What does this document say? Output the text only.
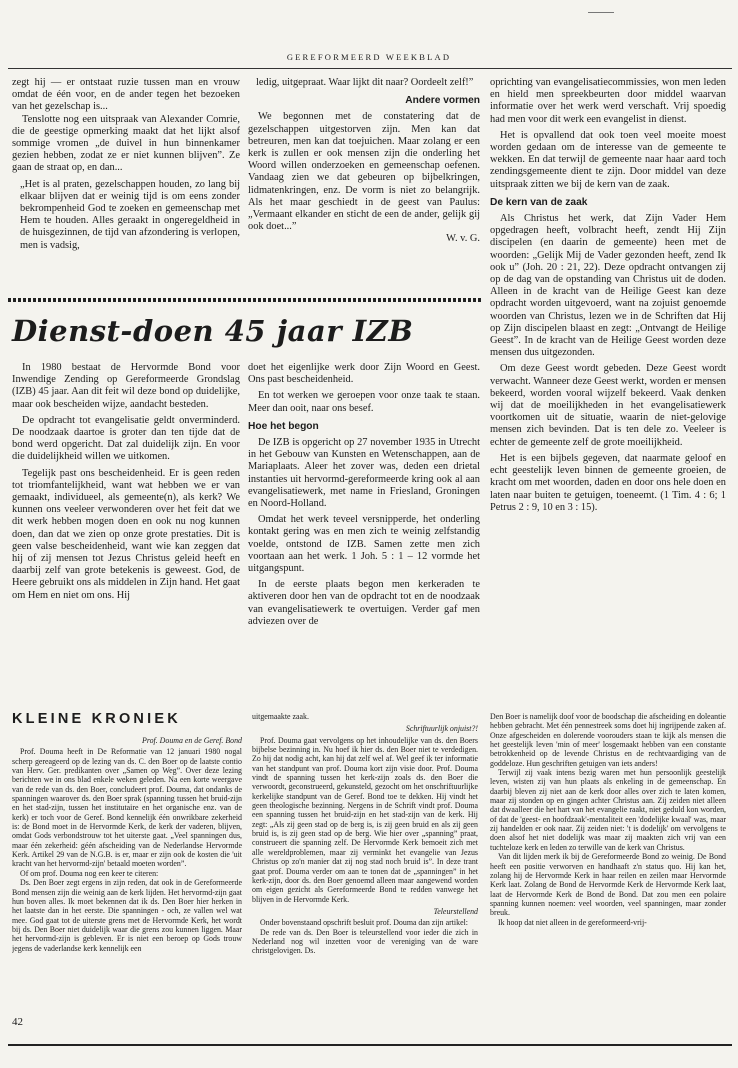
GEREFORMEERD WEEKBLAD

zegt hij — er ontstaat ruzie tussen man en vrouw omdat de één voor, en de ander tegen het bezoeken van het gezelschap is...

Tenslotte nog een uitspraak van Alexander Comrie, die de geestige opmerking maakt dat het lijkt alsof sommige vromen „de duivel in hun binnenkamer gezien hebben, zodat ze er niet kunnen blijven”. Ze gaan de straat op, en dan...

„Het is al praten, gezelschappen houden, zo lang bij elkaar blijven dat er weinig tijd is om eens zonder bekrompenheid God te zoeken en gemeenschap met Hem te houden. Alles geraakt in ongeregeldheid in de huisgezinnen, de tijd van afzondering is verlopen, men is vadsig,

ledig, uitgepraat. Waar lijkt dit naar? Oordeelt zelf!”

Andere vormen

We begonnen met de constatering dat de gezelschappen uitgestorven zijn. Men kan dat betreuren, men kan dat toejuichen. Maar zolang er een kerk is zullen er ook mensen zijn die onderling het Woord willen onderzoeken en gemeenschap oefenen. Vandaag zien we dat gebeuren op bijbelkringen, lidmatenkringen, enz. De vorm is niet zo belangrijk. Als het maar geschiedt in de geest van Paulus: „Vermaant elkander en sticht de een de ander, gelijk gij ook doet...”

W. v. G.

oprichting van evangelisatiecommissies, won men leden en hield men spreekbeurten door middel waarvan informatie over het werk werd verschaft. Vrij spoedig had men voor dit werk een evangelist in dienst.

Het is opvallend dat ook toen veel moeite moest worden gedaan om de interesse van de gemeente te wekken. En dat terwijl de gemeente naar haar aard toch zendingsgemeente dient te zijn. Door middel van deze uitspraak zitten we bij de kern van de zaak.

De kern van de zaak

Als Christus het werk, dat Zijn Vader Hem opgedragen heeft, volbracht heeft, zendt Hij Zijn discipelen (en daarin de gemeente) heen met de woorden: „Gelijk Mij de Vader gezonden heeft, zend Ik ook u” (Joh. 20 : 21, 22). Deze opdracht ontvangen zij op de dag van de opstanding van Christus uit de doden. Alleen in de kracht van de Heilige Geest kan deze opdracht worden uitgevoerd, want na zojuist genoemde woorden van Christus, lezen we in de Schriften dat Hij op Zijn discipelen blaast en zegt: „Ontvangt de Heilige Geest”. In de kracht van de Heilige Geest worden deze mensen dus uitgezonden.

Om deze Geest wordt gebeden. Deze Geest wordt verwacht. Wanneer deze Geest werkt, worden er mensen bekeerd, worden vooral wijzelf bekeerd. Vaak denken wij dat de moeilijkheden in het evangelisatiewerk voortkomen uit de situatie, waarin de niet-gelovige mensen zich bevinden. Dat is ten dele zo. Veeleer is echter de gemeente zelf de grote moeilijkheid.

Het is een bijbels gegeven, dat naarmate geloof en echt geestelijk leven binnen de gemeente groeien, de kracht om met woorden, daden en door ons hele doen en laten naar buiten te getuigen, toeneemt. (1 Tim. 4 : 6; 1 Petrus 2 : 9, 10 en 3 : 15).

Dienst-doen 45 jaar IZB

In 1980 bestaat de Hervormde Bond voor Inwendige Zending op Gereformeerde Grondslag (IZB) 45 jaar. Aan dit feit wil deze bond op duidelijke, maar ook bescheiden wijze, aandacht besteden.

De opdracht tot evangelisatie geldt onverminderd. De noodzaak daartoe is groter dan ten tijde dat de bond werd opgericht. Dat zal duidelijk zijn. En voor die duidelijkheid willen we uitkomen.

Tegelijk past ons bescheidenheid. Er is geen reden tot triomfantelijkheid, want wat hebben we er van gemaakt, individueel, als gemeente(n), als kerk? We kunnen ons veeleer verwonderen over het feit dat we dit werk hebben mogen doen en ook nu nog kunnen doen, dan dat we zien op onze grote prestaties. Dit is geen valse bescheidenheid, want wie kan zeggen dat hij of zij mensen tot Jezus Christus geleid heeft en daarbij zelf van grote betekenis is geweest. God, de Heere gebruikt ons als middelen in Zijn hand. Het gaat om Hem en niet om ons. Hij

doet het eigenlijke werk door Zijn Woord en Geest. Ons past bescheidenheid.

En tot werken we geroepen voor onze taak te staan. Meer dan ooit, naar ons besef.

Hoe het begon

De IZB is opgericht op 27 november 1935 in Utrecht in het Gebouw van Kunsten en Wetenschappen, aan de Mariaplaats. Aleer het zover was, deden een drietal instanties uit hervormd-gereformeerde kring ook al aan evangelisatiewerk, met name in Friesland, Groningen en Noord-Holland.

Omdat het werk teveel versnipperde, het onderling kontakt gering was en men zich te weinig zelfstandig voelde, ontstond de IZB. Samen zette men zich voortaan aan het werk. 1 Joh. 5 : 1 – 12 vormde het uitgangspunt.

In de eerste plaats begon men kerkeraden te aktiveren door hen van de opdracht tot en de noodzaak van evangelisatiewerk te overtuigen. Verder gaf men adviezen over de

KLEINE KRONIEK
Prof. Douma en de Geref. Bond

Prof. Douma heeft in De Reformatie van 12 januari 1980 nogal scherp gereageerd op de lezing van ds. C. den Boer op de laatste contio van Herv. Ger. predikanten over „Samen op Weg”. Over deze lezing berichten we in ons blad enkele weken geleden. Na een korte weergave van de rede van ds. den Boer, concludeert prof. Douma, dat ondanks de spanningen waarover ds. den Boer sprak (spanning tussen het bruid-zijn en het stad-zijn, tussen het institutaire en het organische enz. van de kerk) er toch voor de Geref. Bond kennelijk één onwrikbare zekerheid is: de Bond moet in de Hervormde Kerk, de kerk der vaderen, blijven, omdat Gods verbondstrouw tot het uiterste gaat. „Veel spanningen dus, maar één zekerheid: géén afscheiding van de Nederlandse Hervormde Kerk. Artikel 29 van de N.G.B. is er, maar er zijn ook de kosten die 'uit kracht van het hervormd-zijn' betaald moeten worden”.

Of om prof. Douma nog een keer te citeren:

Ds. Den Boer zegt ergens in zijn reden, dat ook in de Gereformeerde Bond mensen zijn die weinig aan de kerk lijden. Het hervormd-zijn gaat hun boven alles. Ik moet bekennen dat ik ds. Den Boer hier herken in het laatste dan in het eerste. Die spanningen - och, ze vallen wel wat mee. God gaat tot de uiterste grens met de Hervormde Kerk, het wordt bij ds. Den Boer niet duidelijk waar die grens zou kunnen liggen. Maar het hervormd-zijn is gebleven. Er is niet een beroep op Gods trouw jegens de vaderlandse kerk kennelijk een

uitgemaakte zaak.

Schriftuurlijk onjuist?!

Prof. Douma gaat vervolgens op het inhoudelijke van ds. den Boers bijbelse bezinning in. Nu hoef ik hier ds. den Boer niet te verdedigen. Zo hij dat nodig acht, kan hij dat zelf wel af. Wel geef ik ter informatie van het standpunt van prof. Douma kort zijn visie door. Prof. Douma vindt de spanning tussen het kerk-zijn zoals ds. den Boer die verwoordt, geconstrueerd, gekunsteld, gezocht om het onschriftuurlijke kerkelijke standpunt van de Geref. Bond toe te dekken. Hij vindt het geen theologische bezinning. Nergens in de Schrift vindt prof. Douma een spanning tussen het bruid-zijn en het stad-zijn van de kerk. Hij zegt: „Als zij geen stad op de berg is, is zij geen bruid en als zij geen bruid is, is zij geen stad op de berg. Wie hier over „spanning” praat, construeert die spanning zelf. De Hervormde Kerk bemoeit zich met alle wereldproblemen, maar zij verminkt het evangelie van Jezus Christus op zo'n manier dat zij nog stad noch bruid is”. In deze trant gaat prof. Douma verder om aan te tonen dat de „spanningen” in het kerk-zijn, door ds. den Boer genoemd alleen maar aangewend worden om eigen gezicht als Gereformeerde Bond te redden vanwege het blijven in de Hervormde Kerk.

Teleurstellend

Onder bovenstaand opschrift besluit prof. Douma dan zijn artikel:

De rede van ds. Den Boer is teleurstellend voor ieder die zich in Nederland nog wil inzetten voor de vereniging van de ware christgelovigen. Ds.

Den Boer is namelijk doof voor de boodschap die afscheiding en doleantie hebben gebracht. Met één pennestreek soms doet hij ingrijpende zaken af. Onze afgescheiden en dolerende voorouders staan te kijk als mensen die het geestelijk leven 'min of meer' losgemaakt hebben van een constante betrokkenheid op de levende Christus en de rechtvaardiging van de goddeloze. Hun geschriften getuigen van iets anders!

Terwijl zij vaak intens bezig waren met hun persoonlijk geestelijk leven, wisten zij van hun plaats als enkeling in de gemeenschap. En daarbij bleven zij niet aan de kerk door alles over zich te laten komen, maar zij stonden op en gingen achter Christus aan. Zij zeiden niet alleen dat dwaalleer die het hart van het evangelie raakt, niet geduld kon worden, of dat de 'geest- en hoofdzaak'-mentaliteit een 'dodelijke kwaal' was, maar zij handelden er ook naar. Zij zeiden niet: 't is dodelijk' om vervolgens te doen alsof het niet dodelijk was maar zij maakten zich vrij van een tuchteloze kerk en leden zo terwille van de kerk van Christus.

Van dit lijden merk ik bij de Gereformeerde Bond zo weinig. De Bond heeft een positie verworven en handhaaft z'n status quo. Hij kan het, zolang hij de Hervormde Kerk in haar reilen en zeilen maar Hervormde Kerk laat. Zolang de Bond de Hervormde Kerk de Hervormde Kerk laat, laat de Hervormde Kerk de Bond de Bond. Dat zou men een polaire spanning kunnen noemen: veel woorden, veel spanningen, maar zonder breuk.

Ik hoop dat niet alleen in de gereformeerd-vrij-

42
